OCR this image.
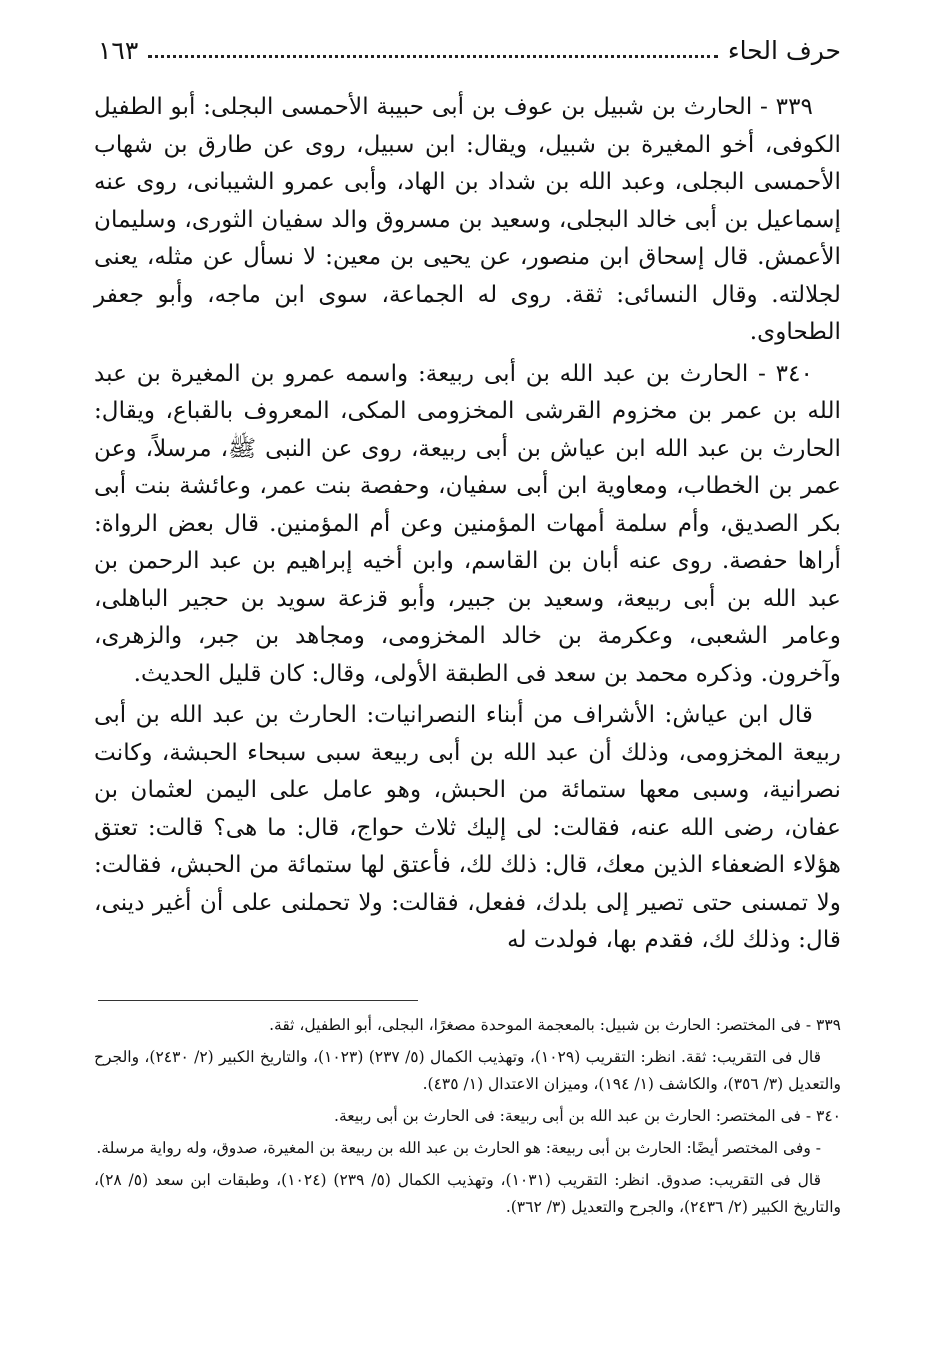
حرف الحاء
١٦٣

٣٣٩ - الحارث بن شبيل بن عوف بن أبى حبيبة الأحمسى البجلى: أبو الطفيل الكوفى، أخو المغيرة بن شبيل، ويقال: ابن سبيل، روى عن طارق بن شهاب الأحمسى البجلى، وعبد الله بن شداد بن الهاد، وأبى عمرو الشيبانى، روى عنه إسماعيل بن أبى خالد البجلى، وسعيد بن مسروق والد سفيان الثورى، وسليمان الأعمش. قال إسحاق ابن منصور، عن يحيى بن معين: لا نسأل عن مثله، يعنى لجلالته. وقال النسائى: ثقة. روى له الجماعة، سوى ابن ماجه، وأبو جعفر الطحاوى.

٣٤٠ - الحارث بن عبد الله بن أبى ربيعة: واسمه عمرو بن المغيرة بن عبد الله بن عمر بن مخزوم القرشى المخزومى المكى، المعروف بالقباع، ويقال: الحارث بن عبد الله ابن عياش بن أبى ربيعة، روى عن النبى ﷺ، مرسلاً، وعن عمر بن الخطاب، ومعاوية ابن أبى سفيان، وحفصة بنت عمر، وعائشة بنت أبى بكر الصديق، وأم سلمة أمهات المؤمنين وعن أم المؤمنين. قال بعض الرواة: أراها حفصة. روى عنه أبان بن القاسم، وابن أخيه إبراهيم بن عبد الرحمن بن عبد الله بن أبى ربيعة، وسعيد بن جبير، وأبو قزعة سويد بن حجير الباهلى، وعامر الشعبى، وعكرمة بن خالد المخزومى، ومجاهد بن جبر، والزهرى، وآخرون. وذكره محمد بن سعد فى الطبقة الأولى، وقال: كان قليل الحديث.

قال ابن عياش: الأشراف من أبناء النصرانيات: الحارث بن عبد الله بن أبى ربيعة المخزومى، وذلك أن عبد الله بن أبى ربيعة سبى سبحاء الحبشة، وكانت نصرانية، وسبى معها ستمائة من الحبش، وهو عامل على اليمن لعثمان بن عفان، رضى الله عنه، فقالت: لى إليك ثلاث حواج، قال: ما هى؟ قالت: تعتق هؤلاء الضعفاء الذين معك، قال: ذلك لك، فأعتق لها ستمائة من الحبش، فقالت: ولا تمسنى حتى تصير إلى بلدك، ففعل، فقالت: ولا تحملنى على أن أغير دينى، قال: وذلك لك، فقدم بها، فولدت له

٣٣٩ - فى المختصر: الحارث بن شبيل: بالمعجمة الموحدة مصغرًا، البجلى، أبو الطفيل، ثقة.

قال فى التقريب: ثقة. انظر: التقريب (١٠٢٩)، وتهذيب الكمال (٥/ ٢٣٧) (١٠٢٣)، والتاريخ الكبير (٢/ ٢٤٣٠)، والجرح والتعديل (٣/ ٣٥٦)، والكاشف (١/ ١٩٤)، وميزان الاعتدال (١/ ٤٣٥).

٣٤٠ - فى المختصر: الحارث بن عبد الله بن أبى ربيعة: فى الحارث بن أبى ربيعة.

- وفى المختصر أيضًا: الحارث بن أبى ربيعة: هو الحارث بن عبد الله بن ربيعة بن المغيرة، صدوق، وله رواية مرسلة.

قال فى التقريب: صدوق. انظر: التقريب (١٠٣١)، وتهذيب الكمال (٥/ ٢٣٩) (١٠٢٤)، وطبقات ابن سعد (٥/ ٢٨)، والتاريخ الكبير (٢/ ٢٤٣٦)، والجرح والتعديل (٣/ ٣٦٢).
